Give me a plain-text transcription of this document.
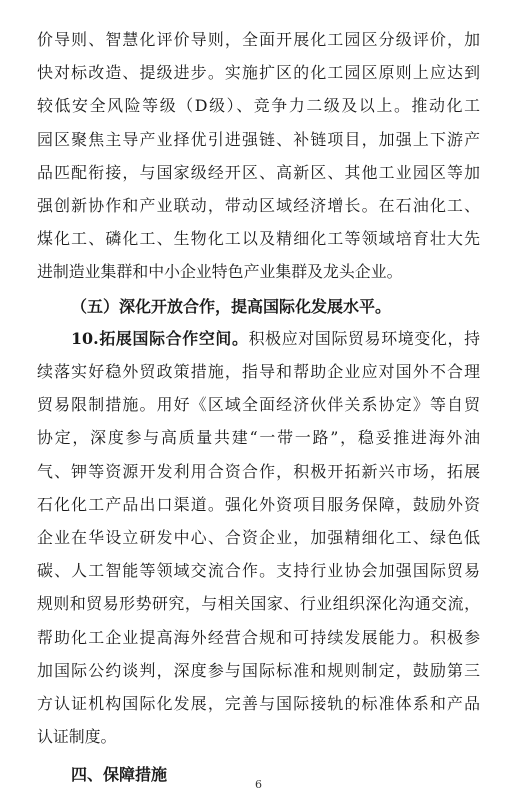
价导则、智慧化评价导则，全面开展化工园区分级评价，加
快对标改造、提级进步。实施扩区的化工园区原则上应达到
较低安全风险等级（D级）、竞争力二级及以上。推动化工
园区聚焦主导产业择优引进强链、补链项目，加强上下游产
品匹配衔接，与国家级经开区、高新区、其他工业园区等加
强创新协作和产业联动，带动区域经济增长。在石油化工、
煤化工、磷化工、生物化工以及精细化工等领域培育壮大先
进制造业集群和中小企业特色产业集群及龙头企业。
（五）深化开放合作，提高国际化发展水平。
10.拓展国际合作空间。积极应对国际贸易环境变化，持
续落实好稳外贸政策措施，指导和帮助企业应对国外不合理
贸易限制措施。用好《区域全面经济伙伴关系协定》等自贸
协定，深度参与高质量共建“一带一路”，稳妥推进海外油
气、钾等资源开发利用合资合作，积极开拓新兴市场，拓展
石化化工产品出口渠道。强化外资项目服务保障，鼓励外资
企业在华设立研发中心、合资企业，加强精细化工、绿色低
碳、人工智能等领域交流合作。支持行业协会加强国际贸易
规则和贸易形势研究，与相关国家、行业组织深化沟通交流，
帮助化工企业提高海外经营合规和可持续发展能力。积极参
加国际公约谈判，深度参与国际标准和规则制定，鼓励第三
方认证机构国际化发展，完善与国际接轨的标准体系和产品
认证制度。
四、保障措施
6
